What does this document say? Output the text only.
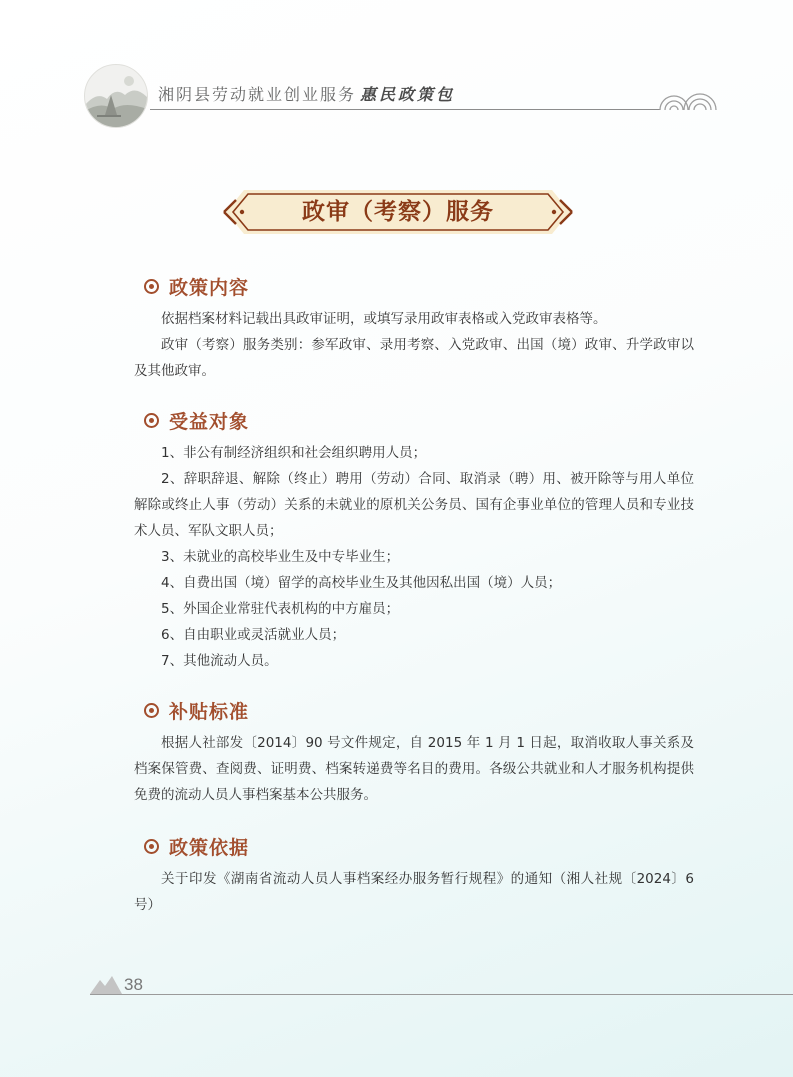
湘阴县劳动就业创业服务 惠民政策包
政审（考察）服务
政策内容

依据档案材料记载出具政审证明，或填写录用政审表格或入党政审表格等。

政审（考察）服务类别：参军政审、录用考察、入党政审、出国（境）政审、升学政审以及其他政审。

受益对象

1、非公有制经济组织和社会组织聘用人员；

2、辞职辞退、解除（终止）聘用（劳动）合同、取消录（聘）用、被开除等与用人单位解除或终止人事（劳动）关系的未就业的原机关公务员、国有企事业单位的管理人员和专业技术人员、军队文职人员；

3、未就业的高校毕业生及中专毕业生；

4、自费出国（境）留学的高校毕业生及其他因私出国（境）人员；

5、外国企业常驻代表机构的中方雇员；

6、自由职业或灵活就业人员；

7、其他流动人员。

补贴标准

根据人社部发〔2014〕90 号文件规定，自 2015 年 1 月 1 日起，取消收取人事关系及档案保管费、查阅费、证明费、档案转递费等名目的费用。各级公共就业和人才服务机构提供免费的流动人员人事档案基本公共服务。

政策依据

关于印发《湖南省流动人员人事档案经办服务暂行规程》的通知（湘人社规〔2024〕6 号）

38
